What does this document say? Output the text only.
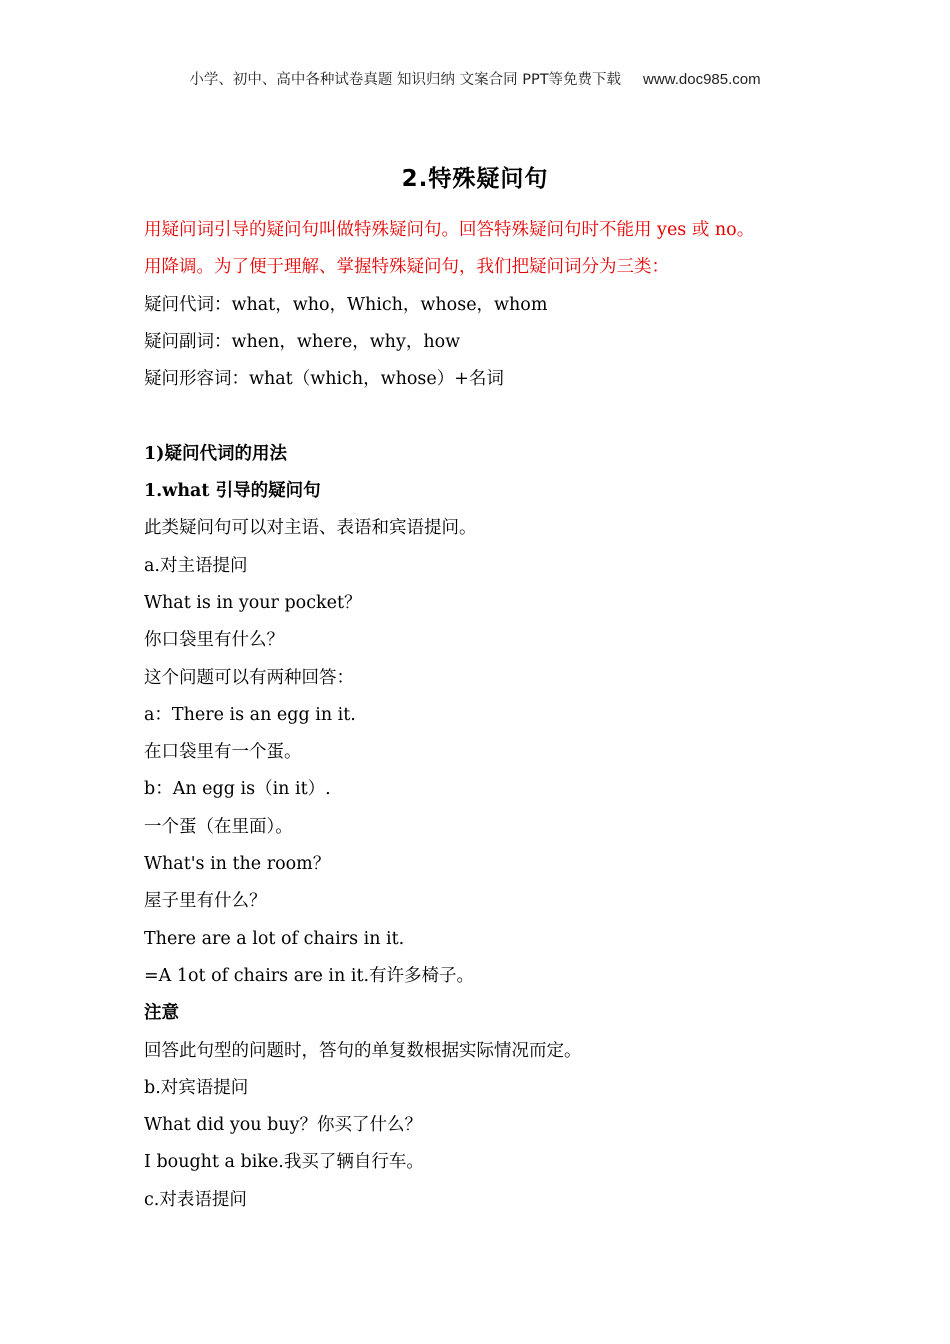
小学、初中、高中各种试卷真题 知识归纳 文案合同 PPT等免费下载 www.doc985.com
2.特殊疑问句
用疑问词引导的疑问句叫做特殊疑问句。回答特殊疑问句时不能用 yes 或 no。
用降调。为了便于理解、掌握特殊疑问句，我们把疑问词分为三类：
疑问代词：what，who，Which，whose，whom
疑问副词：when，where，why，how
疑问形容词：what（which，whose）+名词
1)疑问代词的用法
1.what 引导的疑问句
此类疑问句可以对主语、表语和宾语提问。
a.对主语提问
What is in your pocket？
你口袋里有什么？
这个问题可以有两种回答：
a：There is an egg in it.
在口袋里有一个蛋。
b：An egg is（in it）.
一个蛋（在里面）。
What's in the room？
屋子里有什么？
There are a lot of chairs in it.
=A 1ot of chairs are in it.有许多椅子。
注意
回答此句型的问题时，答句的单复数根据实际情况而定。
b.对宾语提问
What did you buy？你买了什么？
I bought a bike.我买了辆自行车。
c.对表语提问
